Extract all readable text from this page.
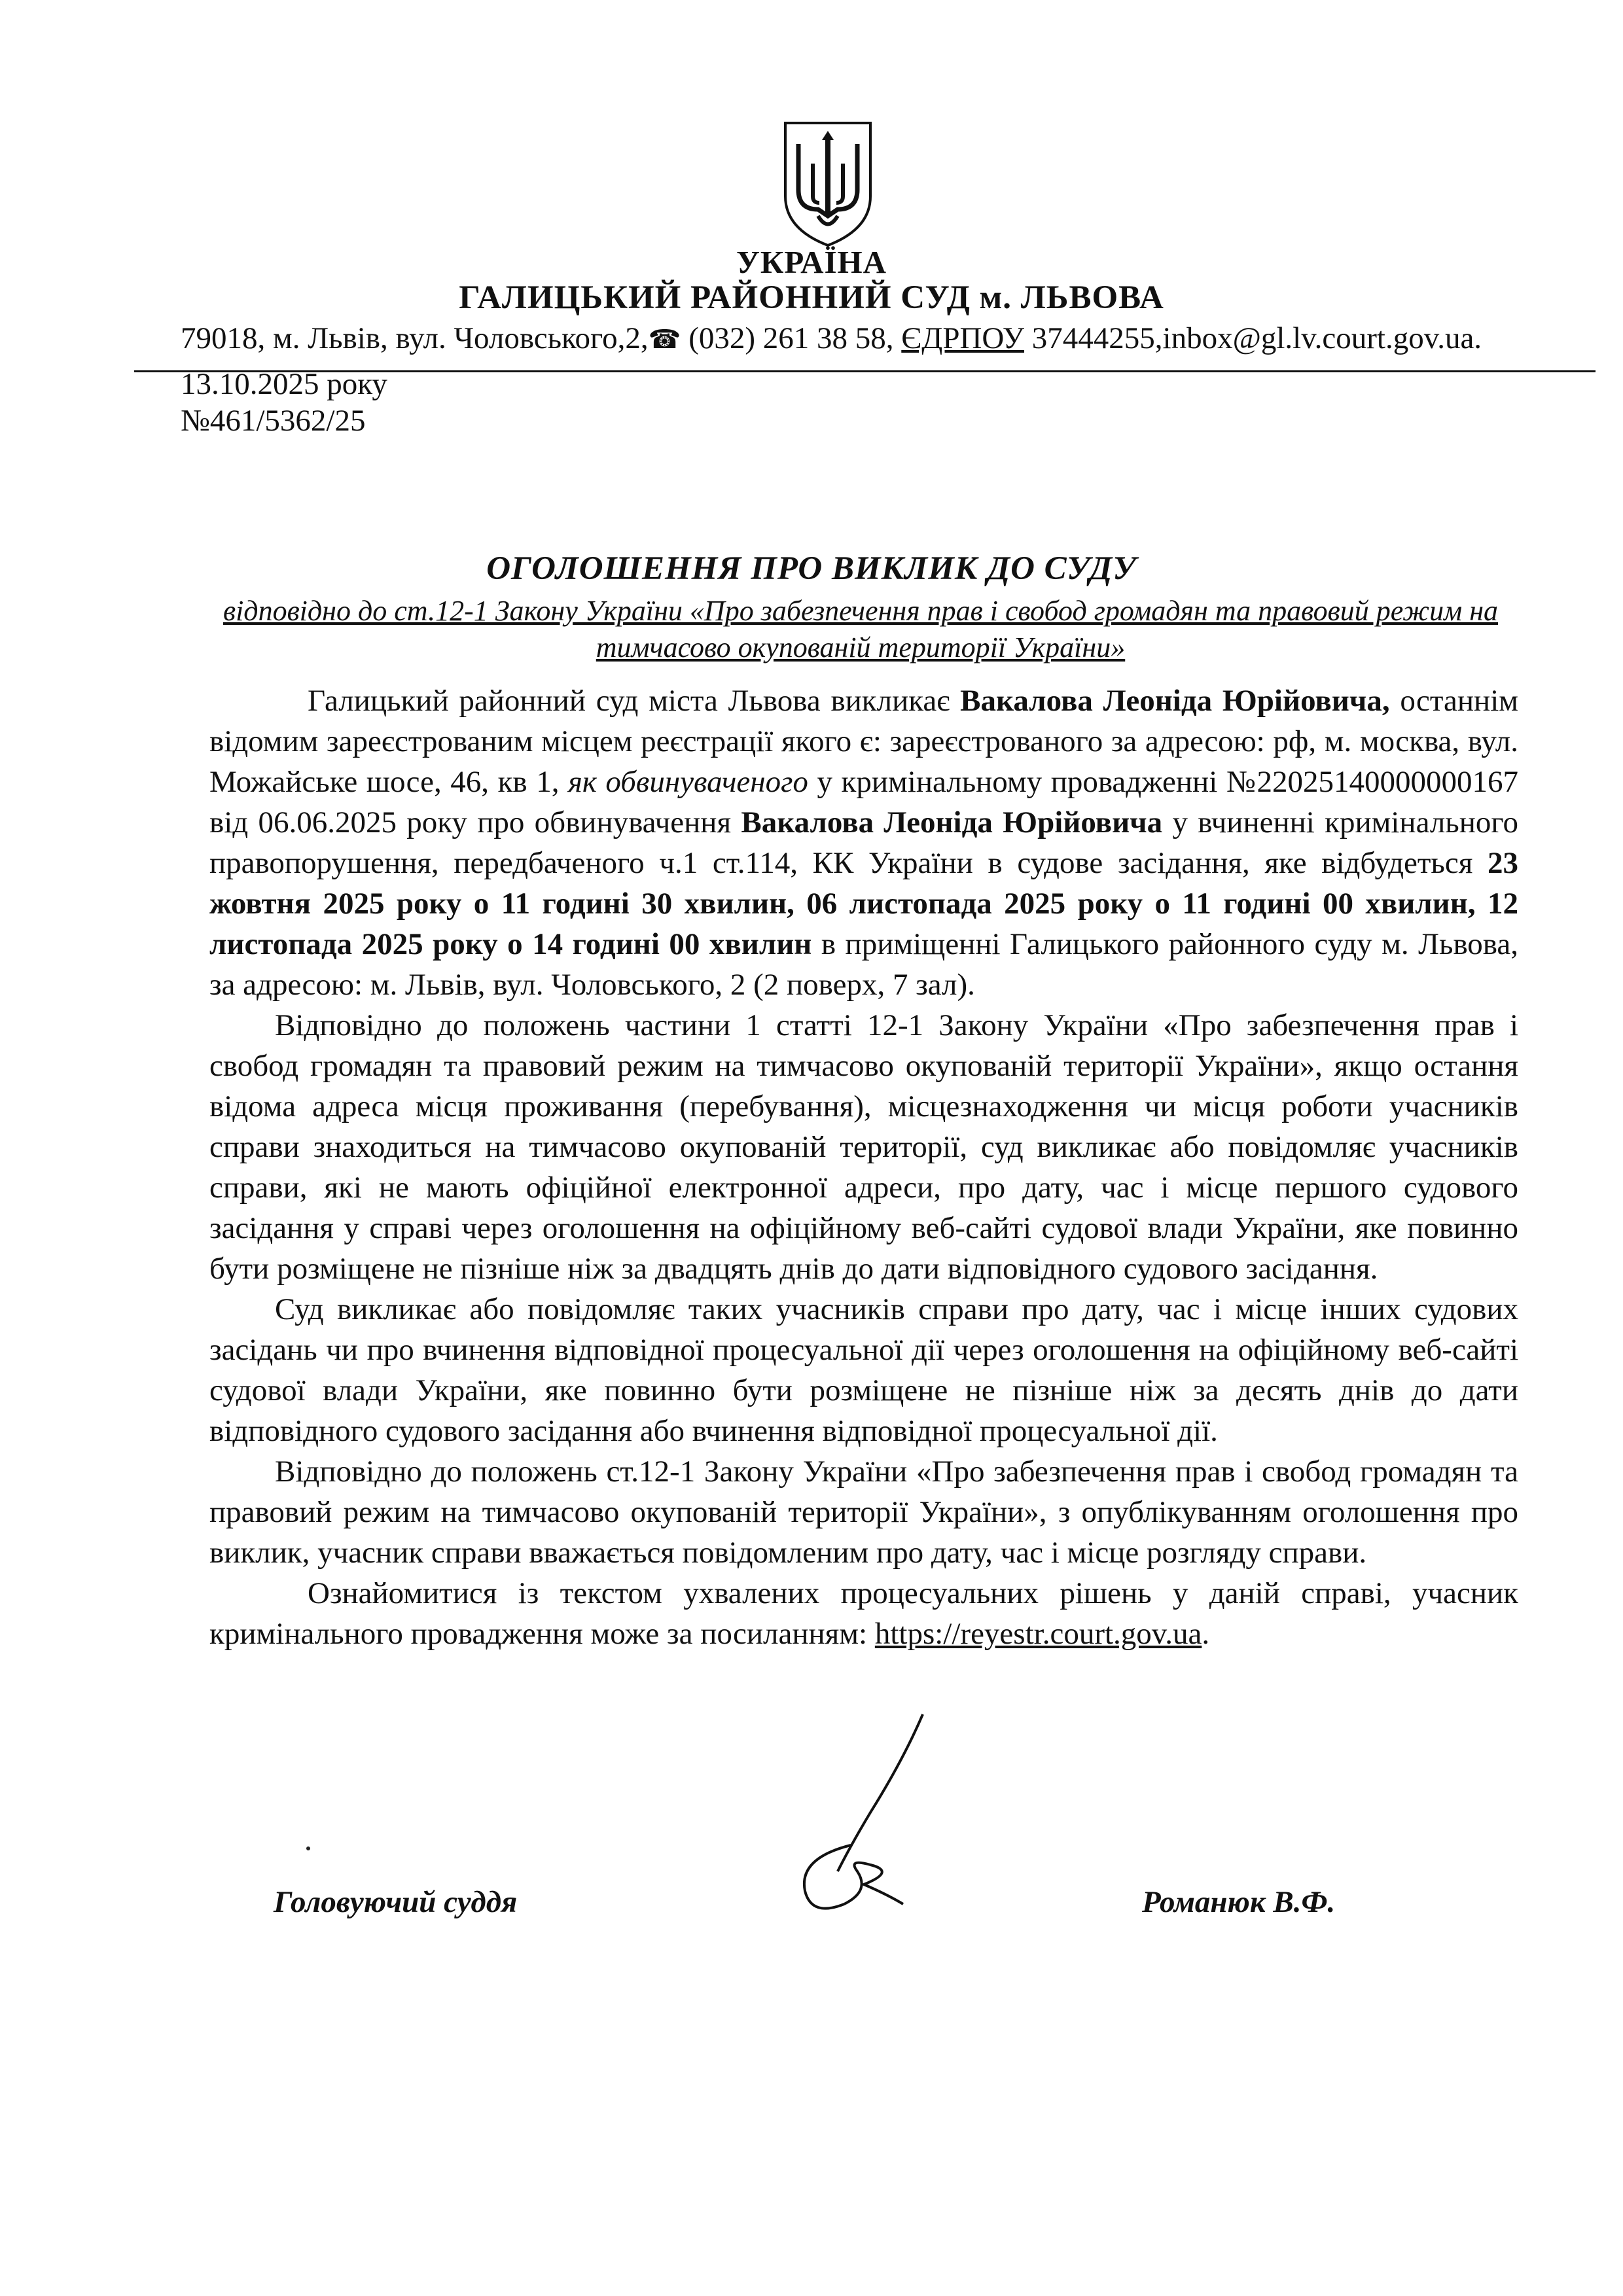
УКРАЇНА
ГАЛИЦЬКИЙ РАЙОННИЙ СУД м. ЛЬВОВА
79018, м. Львів, вул. Чоловського,2,☎ (032) 261 38 58, ЄДРПОУ 37444255,inbox@gl.lv.court.gov.ua.
13.10.2025 року
№461/5362/25
ОГОЛОШЕННЯ ПРО ВИКЛИК ДО СУДУ
відповідно до ст.12-1 Закону України «Про забезпечення прав і свобод громадян та правовий режим на тимчасово окупованій території України»

Галицький районний суд міста Львова викликає Вакалова Леоніда Юрійовича, останнім відомим зареєстрованим місцем реєстрації якого є: зареєстрованого за адресою: рф, м. москва, вул. Можайське шосе, 46, кв 1, як обвинуваченого у кримінальному провадженні №22025140000000167 від 06.06.2025 року про обвинувачення Вакалова Леоніда Юрійовича у вчиненні кримінального правопорушення, передбаченого ч.1 ст.114, КК України в судове засідання, яке відбудеться 23 жовтня 2025 року о 11 годині 30 хвилин, 06 листопада 2025 року о 11 годині 00 хвилин, 12 листопада 2025 року о 14 годині 00 хвилин в приміщенні Галицького районного суду м. Львова, за адресою: м. Львів, вул. Чоловського, 2 (2 поверх, 7 зал).

Відповідно до положень частини 1 статті 12-1 Закону України «Про забезпечення прав і свобод громадян та правовий режим на тимчасово окупованій території України», якщо остання відома адреса місця проживання (перебування), місцезнаходження чи місця роботи учасників справи знаходиться на тимчасово окупованій території, суд викликає або повідомляє учасників справи, які не мають офіційної електронної адреси, про дату, час і місце першого судового засідання у справі через оголошення на офіційному веб-сайті судової влади України, яке повинно бути розміщене не пізніше ніж за двадцять днів до дати відповідного судового засідання.

Суд викликає або повідомляє таких учасників справи про дату, час і місце інших судових засідань чи про вчинення відповідної процесуальної дії через оголошення на офіційному веб-сайті судової влади України, яке повинно бути розміщене не пізніше ніж за десять днів до дати відповідного судового засідання або вчинення відповідної процесуальної дії.

Відповідно до положень ст.12-1 Закону України «Про забезпечення прав і свобод громадян та правовий режим на тимчасово окупованій території України», з опублікуванням оголошення про виклик, учасник справи вважається повідомленим про дату, час і місце розгляду справи.

Ознайомитися із текстом ухвалених процесуальних рішень у даній справі, учасник кримінального провадження може за посиланням: https://reyestr.court.gov.ua.

Головуючий суддя	Романюк В.Ф.
